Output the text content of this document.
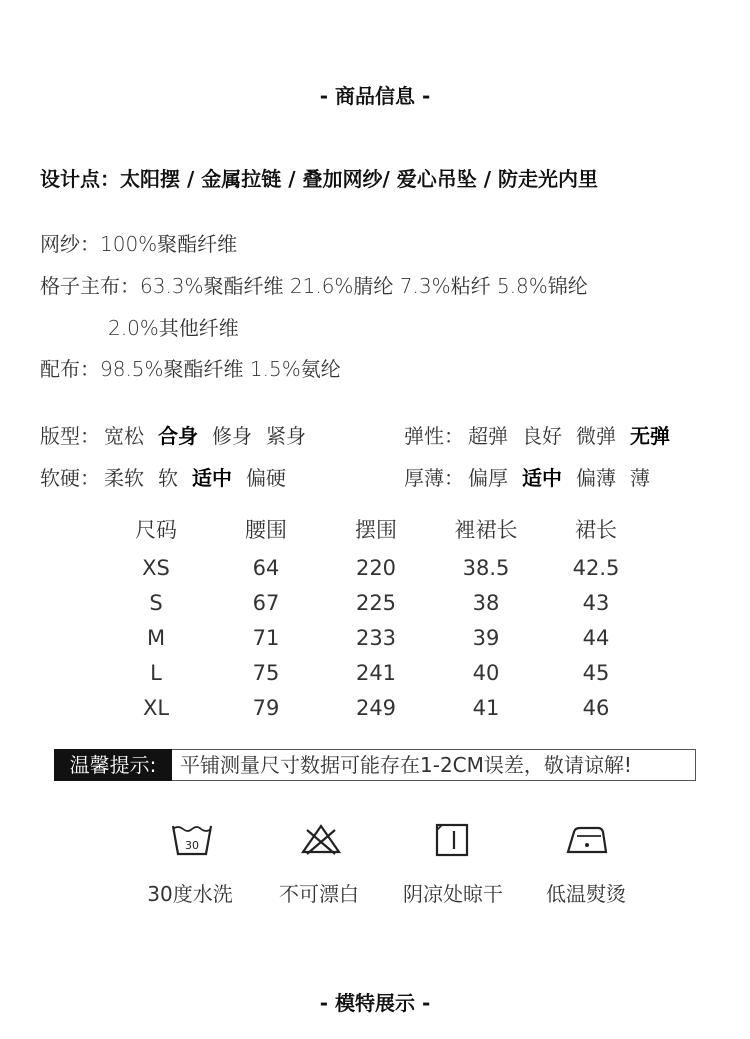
- 商品信息 -
设计点：太阳摆 / 金属拉链 / 叠加网纱/ 爱心吊坠 / 防走光内里
网纱：100%聚酯纤维
格子主布：63.3%聚酯纤维 21.6%腈纶 7.3%粘纤 5.8%锦纶
2.0%其他纤维
配布：98.5%聚酯纤维 1.5%氨纶
版型： 宽松 合身 修身 紧身	弹性： 超弹 良好 微弹 无弹
软硬： 柔软 软 适中 偏硬	厚薄： 偏厚 适中 偏薄 薄
尺码	腰围	摆围	裡裙长	裙长
XS	64	220	38.5	42.5
S	67	225	38	43
M	71	233	39	44
L	75	241	40	45
XL	79	249	41	46
温馨提示:	平铺测量尺寸数据可能存在1-2CM误差，敬请谅解!
30
30度水洗	不可漂白	阴凉处晾干	低温熨烫
- 模特展示 -
